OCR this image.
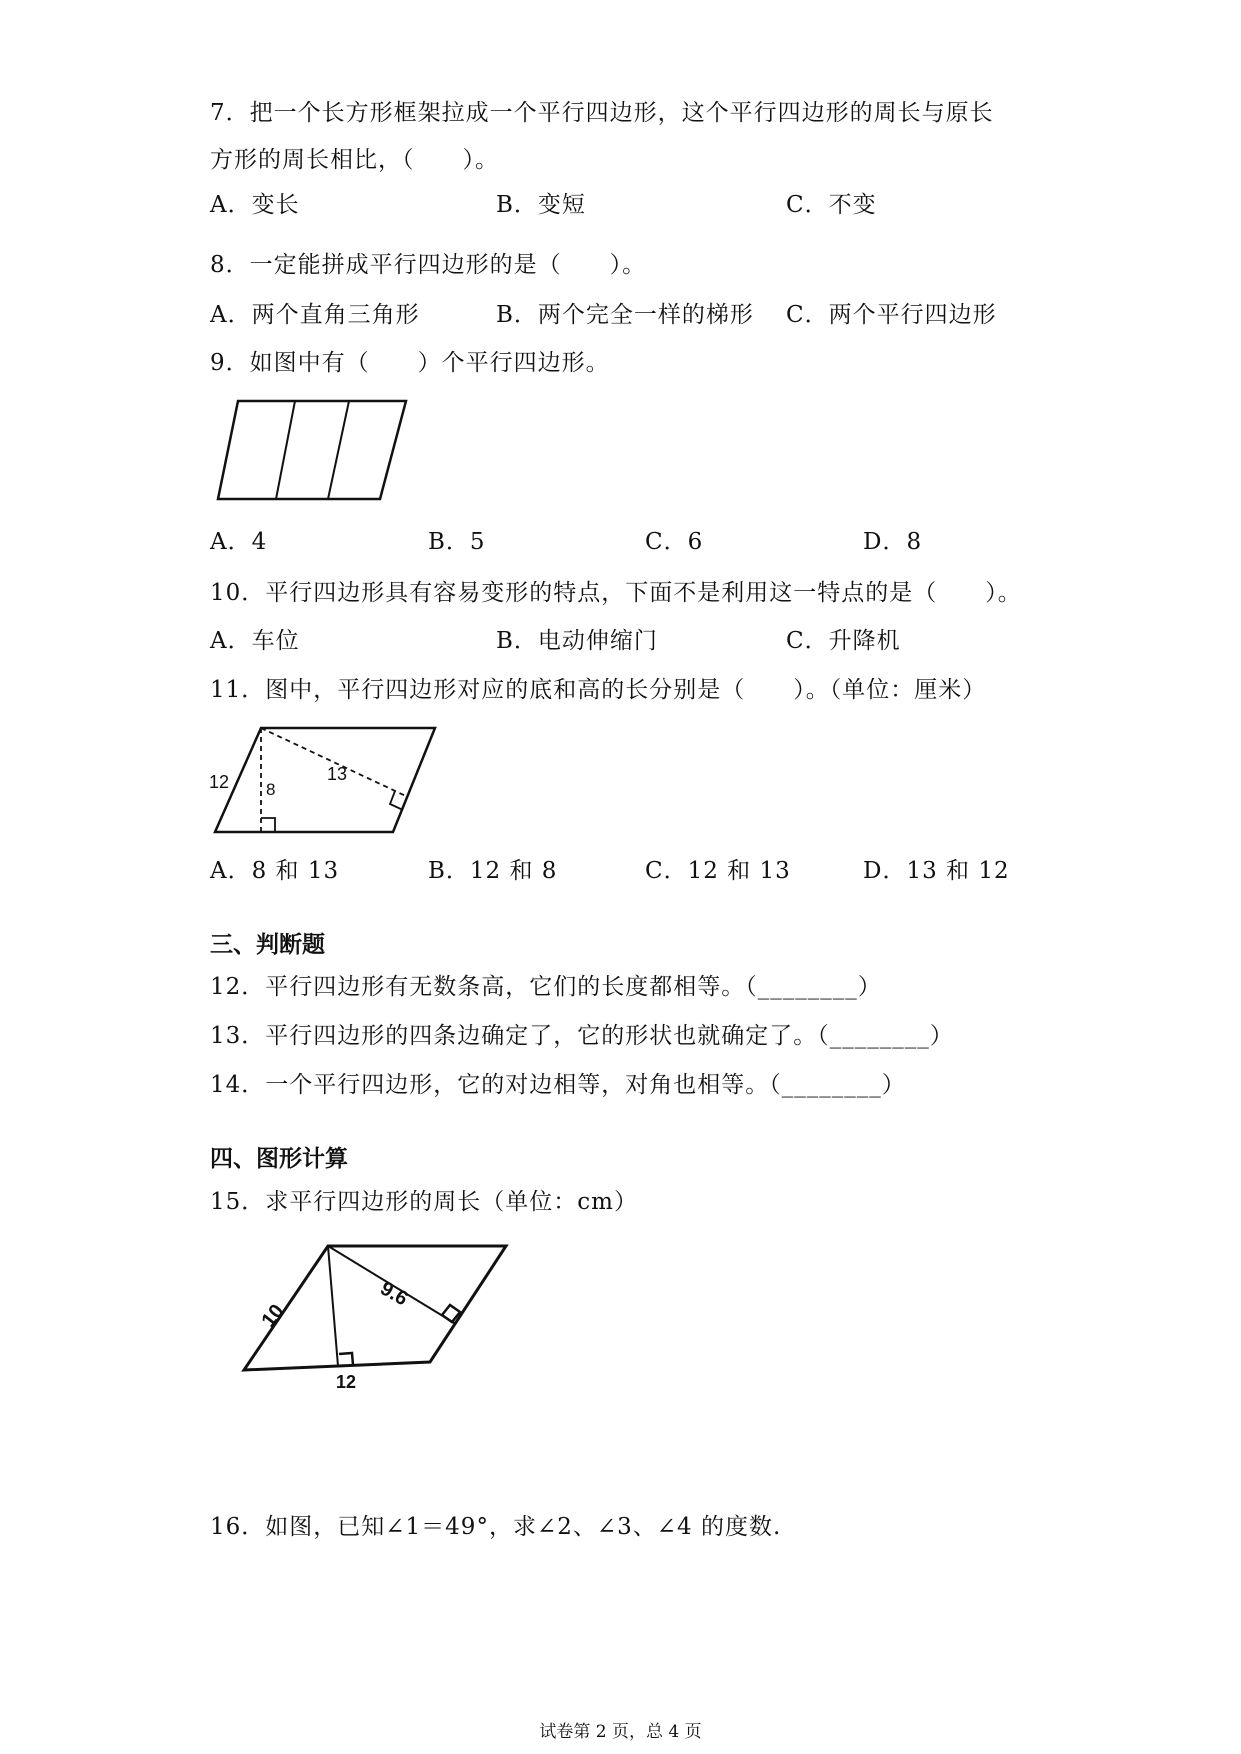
7．把一个长方形框架拉成一个平行四边形，这个平行四边形的周长与原长
方形的周长相比，（　　）。
A．变长	B．变短	C．不变
8．一定能拼成平行四边形的是（　　）。
A．两个直角三角形	B．两个完全一样的梯形 C．两个平行四边形
9．如图中有（　　）个平行四边形。
A．4	B．5	C．6	D．8
10．平行四边形具有容易变形的特点，下面不是利用这一特点的是（　　）。
A．车位	B．电动伸缩门	C．升降机
11．图中，平行四边形对应的底和高的长分别是（　　）。（单位：厘米）
12 8
13
A．8 和 13	B．12 和 8	C．12 和 13	D．13 和 12
三、判断题
12．平行四边形有无数条高，它们的长度都相等。（________）
13．平行四边形的四条边确定了，它的形状也就确定了。（________）
14．一个平行四边形，它的对边相等，对角也相等。（________）
四、图形计算
15．求平行四边形的周长（单位：cm）
10
9.6
12
16．如图，已知∠1＝49°，求∠2、∠3、∠4 的度数.
试卷第 2 页，总 4 页
